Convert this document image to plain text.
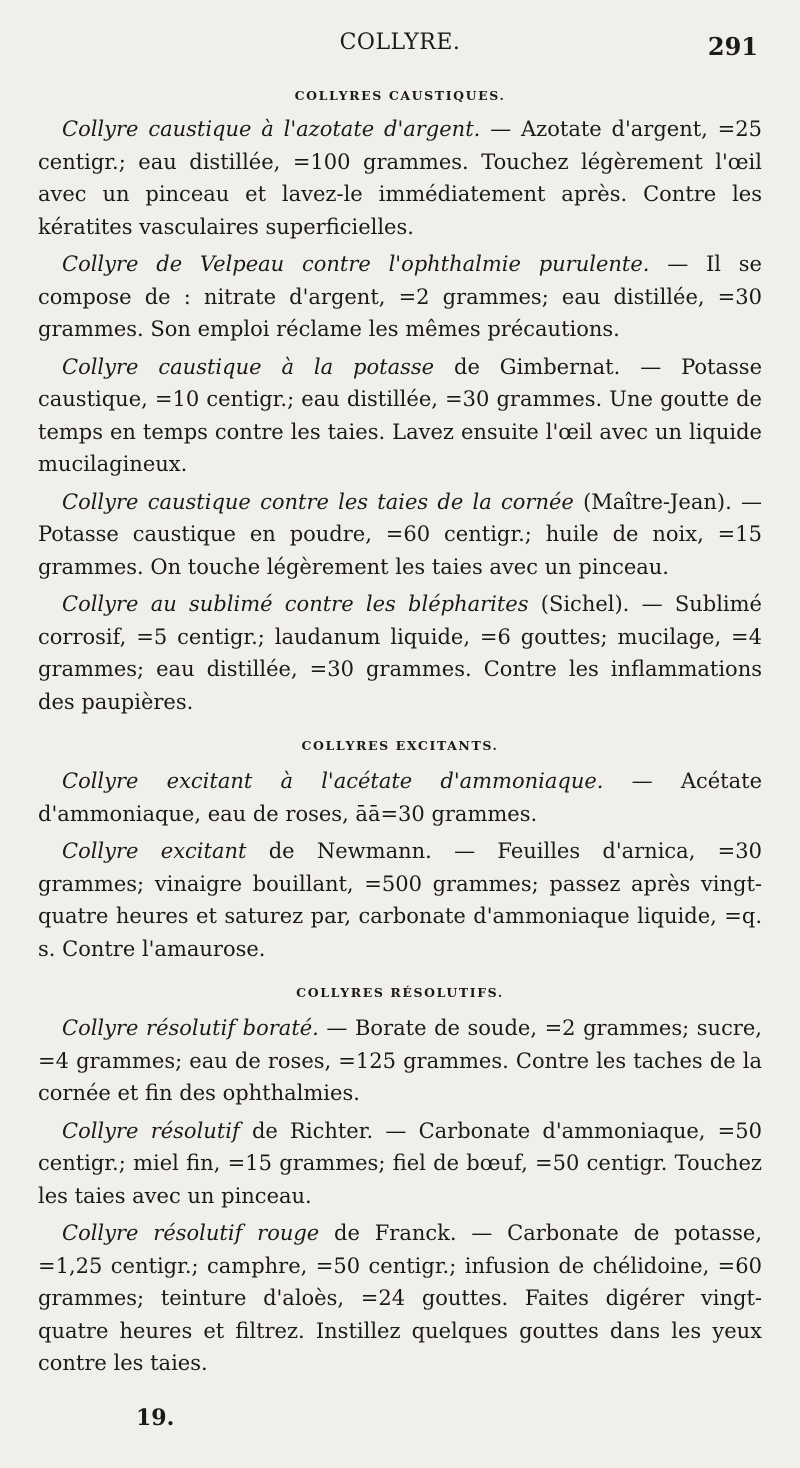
COLLYRE.	291
COLLYRES CAUSTIQUES.

Collyre caustique à l'azotate d'argent. — Azotate d'argent, =25 centigr.; eau distillée, =100 grammes. Touchez légèrement l'œil avec un pinceau et lavez-le immédiatement après. Contre les kératites vasculaires superficielles.

Collyre de Velpeau contre l'ophthalmie purulente. — Il se compose de : nitrate d'argent, =2 grammes; eau distillée, =30 grammes. Son emploi réclame les mêmes précautions.

Collyre caustique à la potasse de Gimbernat. — Potasse caustique, =10 centigr.; eau distillée, =30 grammes. Une goutte de temps en temps contre les taies. Lavez ensuite l'œil avec un liquide mucilagineux.

Collyre caustique contre les taies de la cornée (Maître-Jean). — Potasse caustique en poudre, =60 centigr.; huile de noix, =15 grammes. On touche légèrement les taies avec un pinceau.

Collyre au sublimé contre les blépharites (Sichel). — Sublimé corrosif, =5 centigr.; laudanum liquide, =6 gouttes; mucilage, =4 grammes; eau distillée, =30 grammes. Contre les inflammations des paupières.

COLLYRES EXCITANTS.

Collyre excitant à l'acétate d'ammoniaque. — Acétate d'ammoniaque, eau de roses, āā=30 grammes.

Collyre excitant de Newmann. — Feuilles d'arnica, =30 grammes; vinaigre bouillant, =500 grammes; passez après vingt-quatre heures et saturez par, carbonate d'ammoniaque liquide, =q. s. Contre l'amaurose.

COLLYRES RÉSOLUTIFS.

Collyre résolutif boraté. — Borate de soude, =2 grammes; sucre, =4 grammes; eau de roses, =125 grammes. Contre les taches de la cornée et fin des ophthalmies.

Collyre résolutif de Richter. — Carbonate d'ammoniaque, =50 centigr.; miel fin, =15 grammes; fiel de bœuf, =50 centigr. Touchez les taies avec un pinceau.

Collyre résolutif rouge de Franck. — Carbonate de potasse, =1,25 centigr.; camphre, =50 centigr.; infusion de chélidoine, =60 grammes; teinture d'aloès, =24 gouttes. Faites digérer vingt-quatre heures et filtrez. Instillez quelques gouttes dans les yeux contre les taies.

19.
